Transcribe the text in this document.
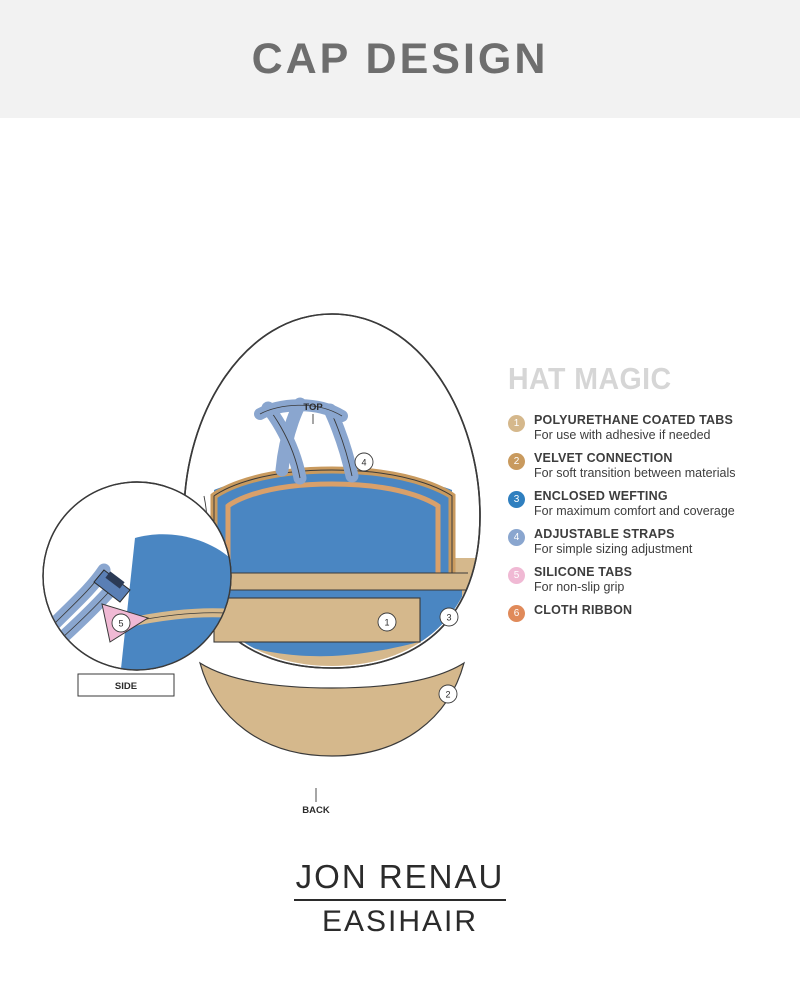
CAP DESIGN
TOP
BACK
4
1	3
2
5
SIDE
HAT MAGIC
1	POLYURETHANE COATED TABS
For use with adhesive if needed
2	VELVET CONNECTION
For soft transition between materials
3	ENCLOSED WEFTING
For maximum comfort and coverage
4	ADJUSTABLE STRAPS
For simple sizing adjustment
5	SILICONE TABS
For non-slip grip
6	CLOTH RIBBON
JON RENAU
EASIHAIR
